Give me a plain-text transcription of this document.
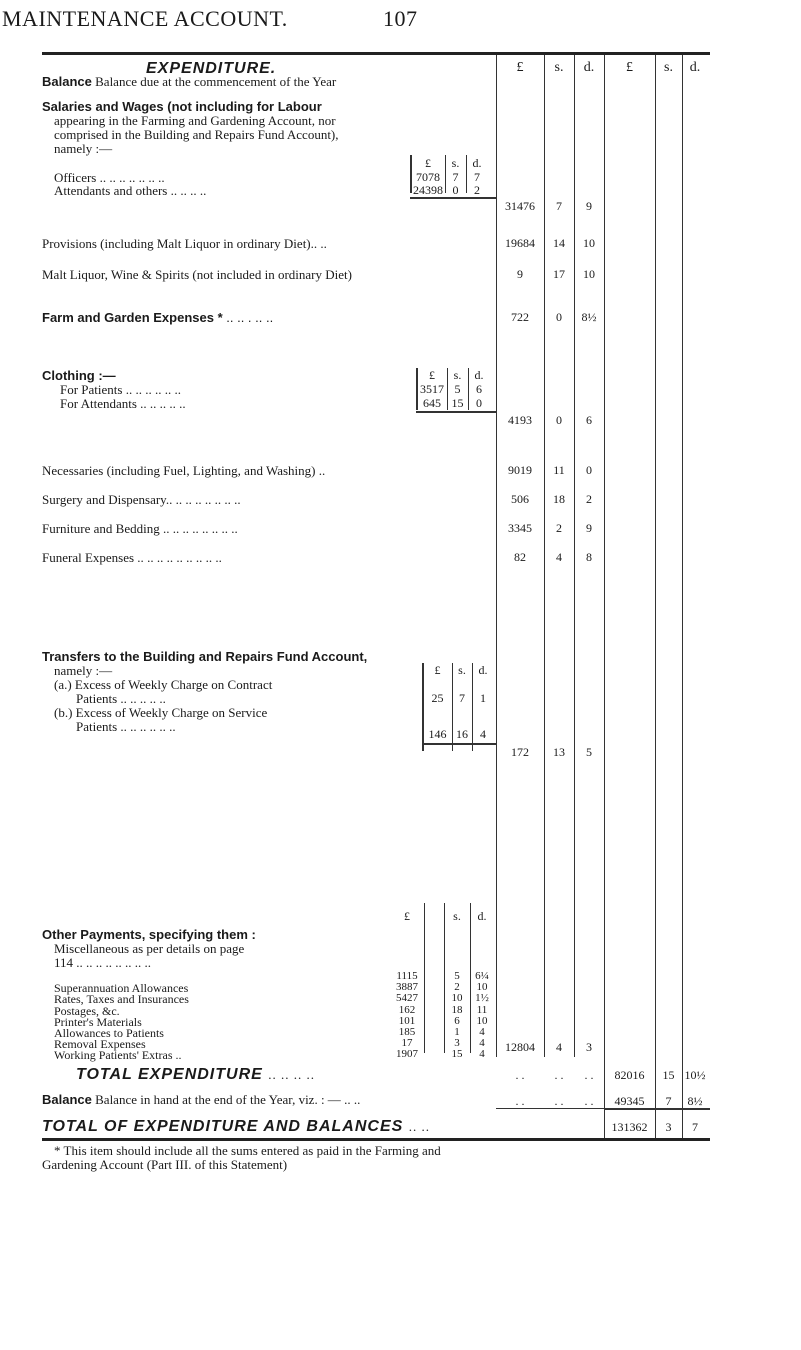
MAINTENANCE ACCOUNT.	107
£	s.	d.	£	s.	d.
EXPENDITURE.
Balance Balance due at the commencement of the Year
Salaries and Wages (not including for Labour
appearing in the Farming and Gardening Account, nor
comprised in the Building and Repairs Fund Account),
namely :—
£	s.	d.
Officers .. .. .. .. .. .. ..	7078	7	7
Attendants and others .. .. .. ..	24398 0	2
31476	7	9
Provisions (including Malt Liquor in ordinary Diet).. ..	19684	14	10
Malt Liquor, Wine & Spirits (not included in ordinary Diet)	9	17	10
Farm and Garden Expenses * .. .. . .. ..	722	0	8½
Clothing :—	£	s.	d.
For Patients .. .. .. .. .. ..	3517 5	6
For Attendants .. .. .. .. ..	645 15	0
4193	0	6
Necessaries (including Fuel, Lighting, and Washing) ..	9019	11	0
Surgery and Dispensary.. .. .. .. .. .. .. ..	506	18	2
Furniture and Bedding .. .. .. .. .. .. .. ..	3345	2	9
Funeral Expenses .. .. .. .. .. .. .. .. ..	82	4	8
Transfers to the Building and Repairs Fund Account,
namely :—	£	s.	d.
(a.) Excess of Weekly Charge on Contract
Patients .. .. .. .. ..	25	7	1
(b.) Excess of Weekly Charge on Service
Patients .. .. .. .. .. ..	146 16	4
172	13	5
£	s.	d.
Other Payments, specifying them :
Miscellaneous as per details on page
114 .. .. .. .. .. .. .. ..
1115	5	6¼
Superannuation Allowances	3887	2	10
Rates, Taxes and Insurances	5427	10	1½
Postages, &c.	162	18	11
Printer's Materials	101	6	10
Allowances to Patients	185	1	4
Removal Expenses	17	3	4
Working Patients' Extras ..	1907	15	4	12804	4	3
TOTAL EXPENDITURE .. .. .. ..	. .	. .	. .	82016	15 10½
Balance Balance in hand at the end of the Year, viz. : — .. ..	. .	. .	. .	49345	7	8½
TOTAL OF EXPENDITURE AND BALANCES .. ..	131362	3	7
* This item should include all the sums entered as paid in the Farming and
Gardening Account (Part III. of this Statement)
